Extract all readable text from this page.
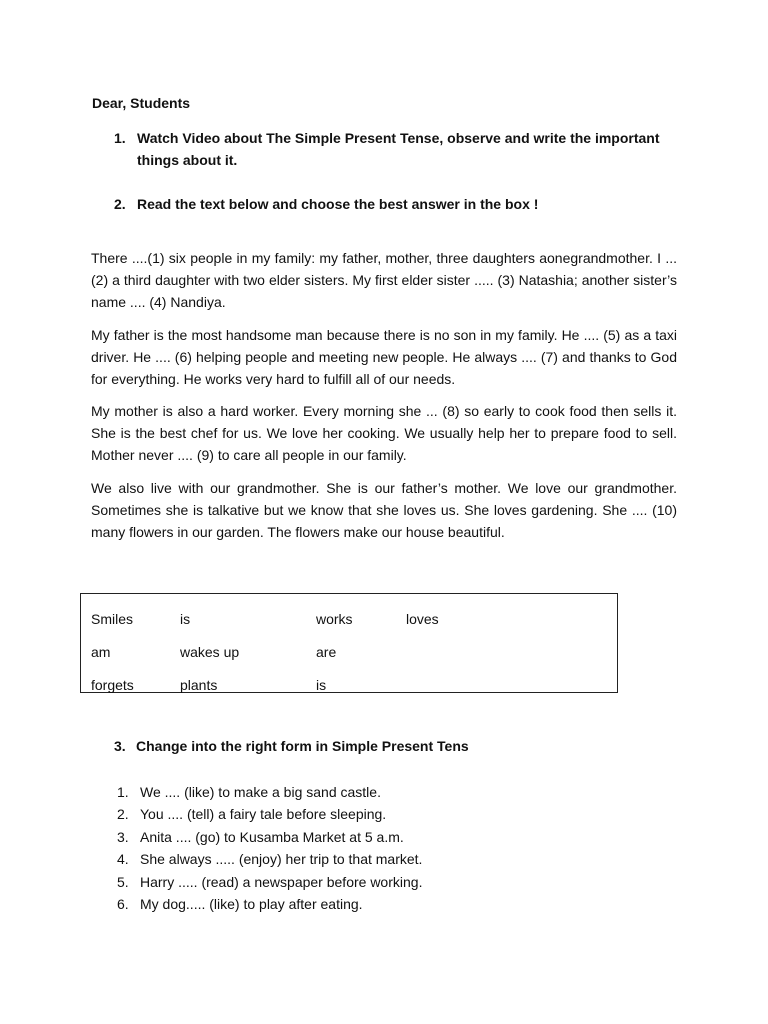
Dear, Students
1. Watch Video about The Simple Present Tense, observe and write the important things about it.
2. Read the text below and choose the best answer in the box !

There ....(1) six people in my family: my father, mother, three daughters aonegrandmother. I ... (2) a third daughter with two elder sisters. My first elder sister ..... (3) Natashia; another sister’s name .... (4) Nandiya.

My father is the most handsome man because there is no son in my family. He .... (5) as a taxi driver. He .... (6) helping people and meeting new people. He always .... (7) and thanks to God for everything. He works very hard to fulfill all of our needs.

My mother is also a hard worker. Every morning she ... (8) so early to cook food then sells it. She is the best chef for us. We love her cooking. We usually help her to prepare food to sell. Mother never .... (9) to care all people in our family.

We also live with our grandmother. She is our father’s mother. We love our grandmother. Sometimes she is talkative but we know that she loves us. She loves gardening. She .... (10) many flowers in our garden. The flowers make our house beautiful.

Smiles	is	works	loves
am	wakes up	are
forgets	plants	is
3. Change into the right form in Simple Present Tens
1. We .... (like) to make a big sand castle.
2. You .... (tell) a fairy tale before sleeping.
3. Anita .... (go) to Kusamba Market at 5 a.m.
4. She always ..... (enjoy) her trip to that market.
5. Harry ..... (read) a newspaper before working.
6. My dog..... (like) to play after eating.
